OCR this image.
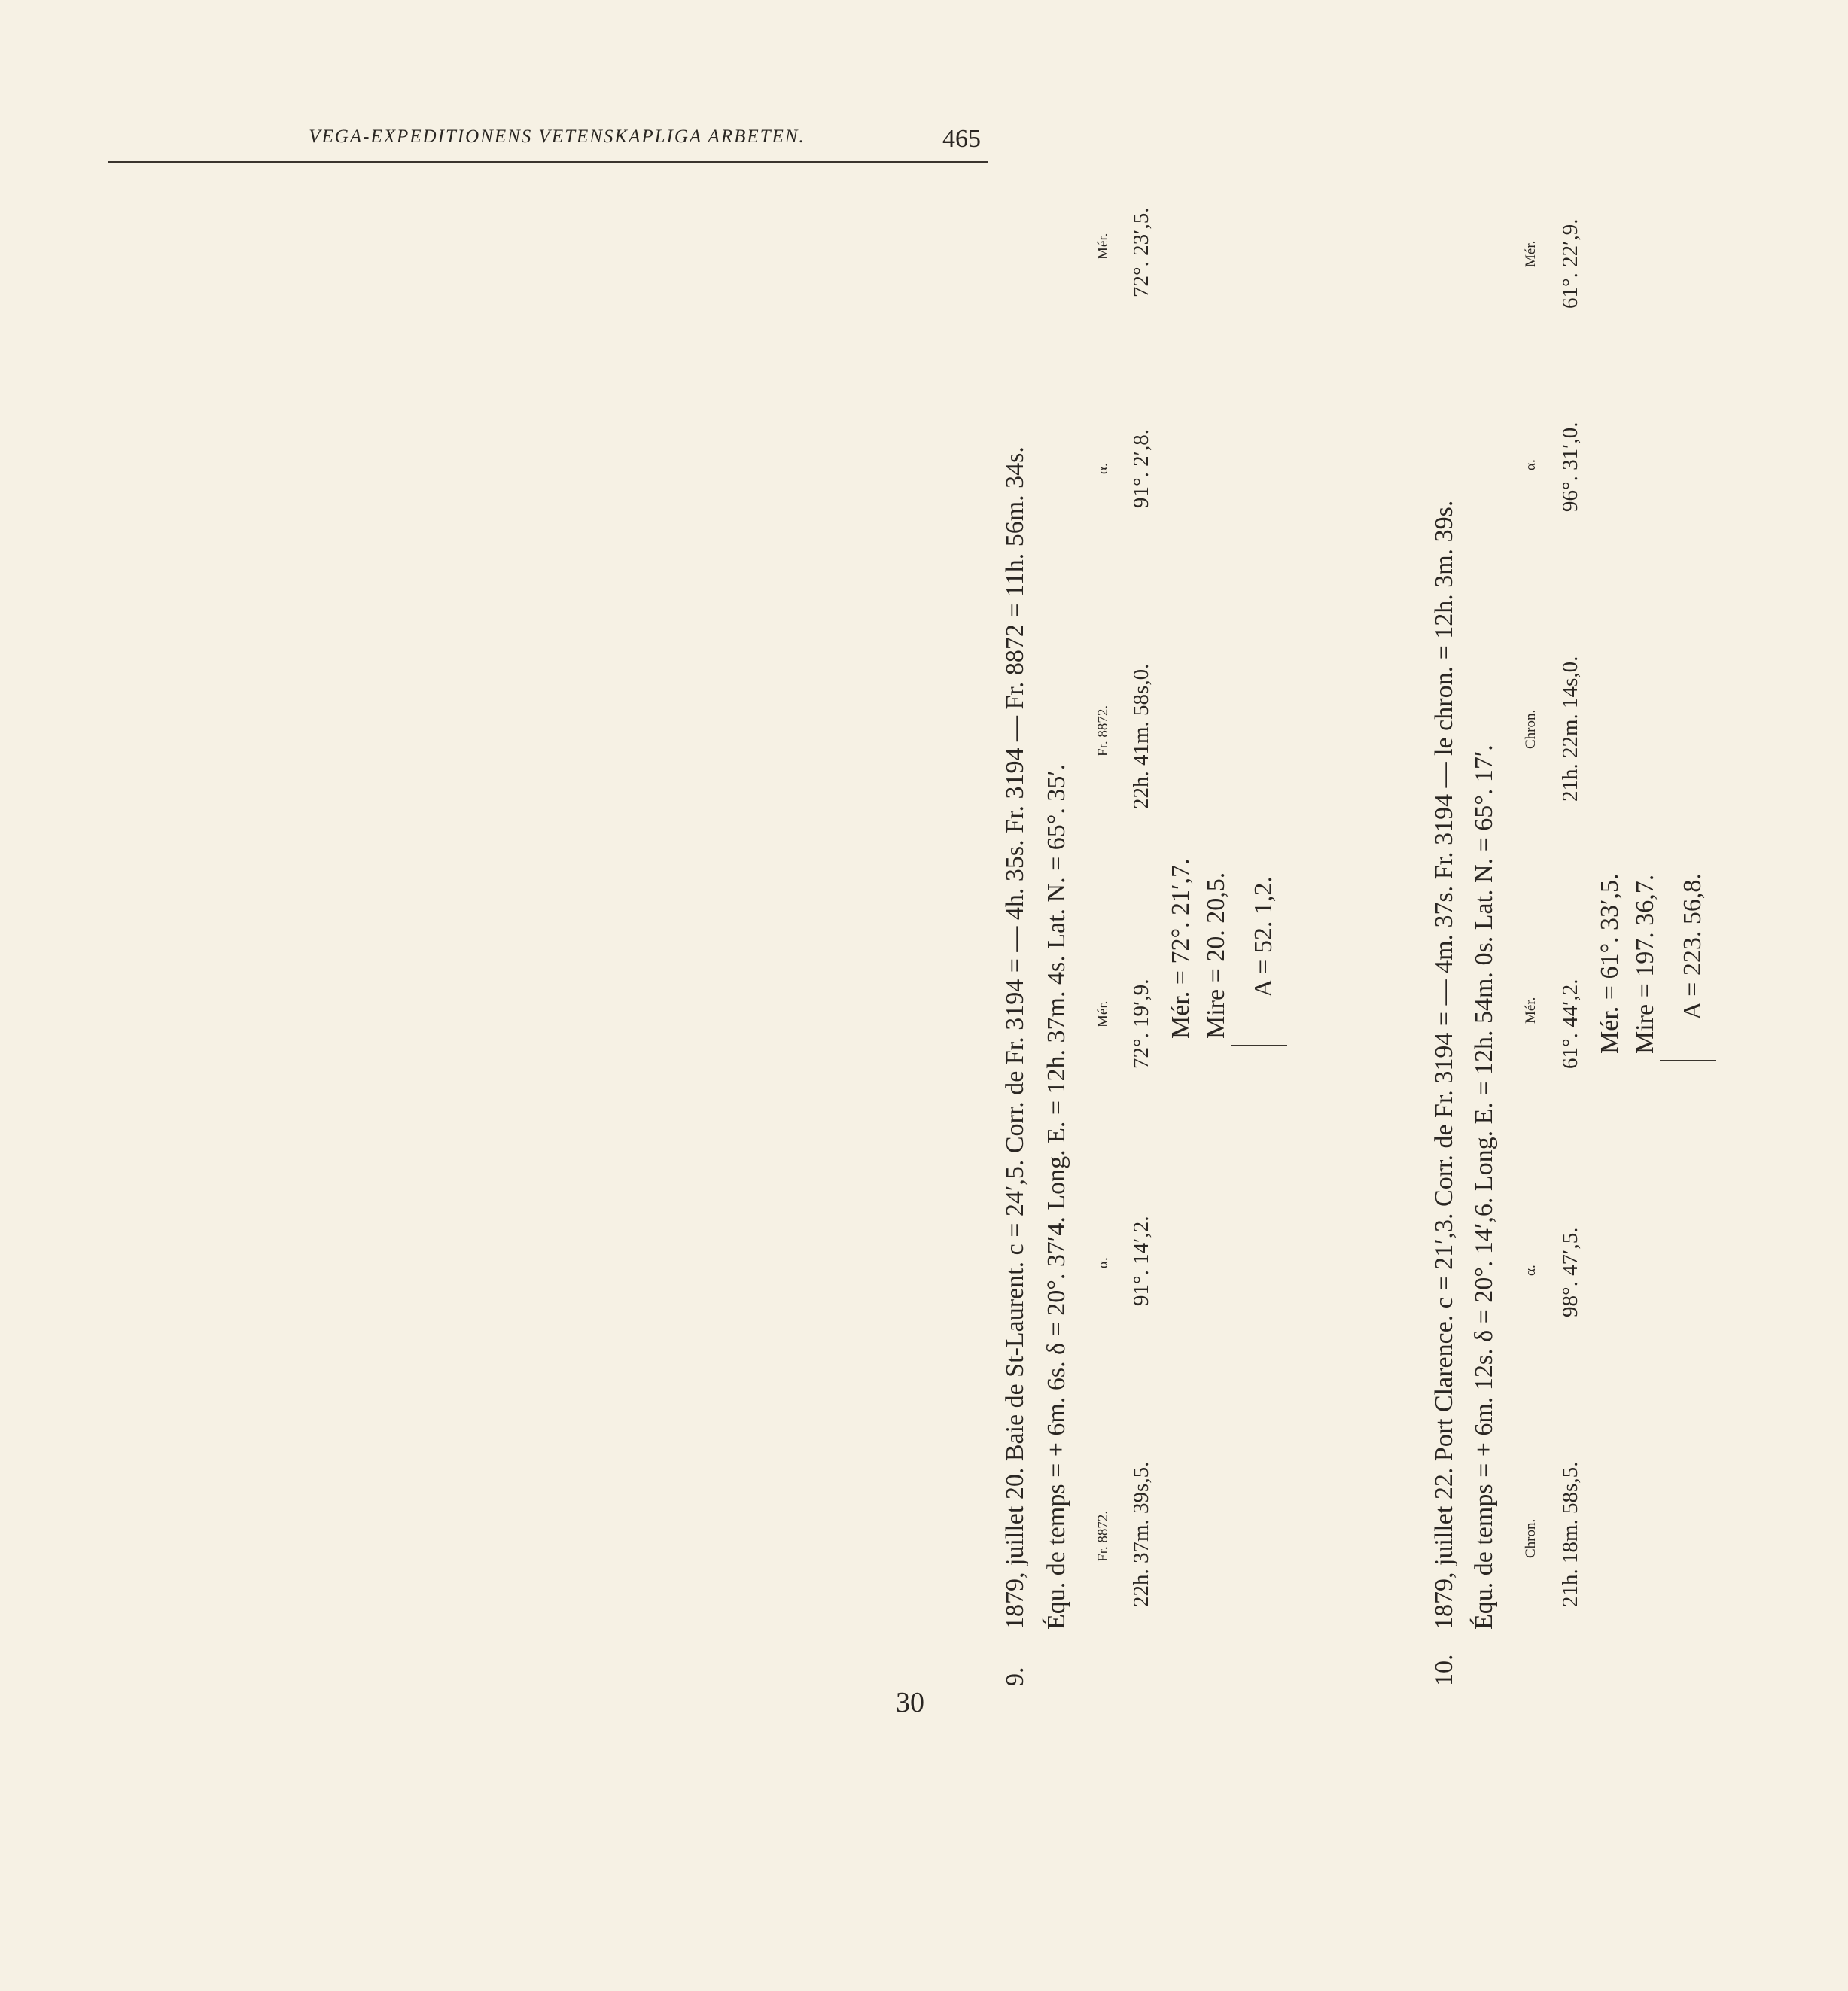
VEGA-EXPEDITIONENS VETENSKAPLIGA ARBETEN.	465
9.
1879, juillet 20. Baie de St-Laurent. c = 24′,5. Corr. de Fr. 3194 = — 4h. 35s. Fr. 3194 — Fr. 8872 = 11h. 56m. 34s. Équ. de temps = + 6m. 6s. δ = 20°. 37′4. Long. E. = 12h. 37m. 4s. Lat. N. = 65°. 35′. Fr. 8872. 22h. 37m. 39s,5.
α. 91°. 14′,2.
Mér. 72°. 19′,9.
Fr. 8872. 22h. 41m. 58s,0.
α. 91°. 2′,8.
Mér. 72°. 23′,5.
Mér. = 72°. 21′,7. Mire = 20. 20,5. A = 52. 1,2.
10.
1879, juillet 22. Port Clarence. c = 21′,3. Corr. de Fr. 3194 = — 4m. 37s. Fr. 3194 — le chron. = 12h. 3m. 39s. Équ. de temps = + 6m. 12s. δ = 20°. 14′,6. Long. E. = 12h. 54m. 0s. Lat. N. = 65°. 17′. Chron. 21h. 18m. 58s,5.
α. 98°. 47′,5.
Mér. 61°. 44′,2.
Chron. 21h. 22m. 14s,0.
α. 96°. 31′,0.
Mér. 61°. 22′,9.
Mér. = 61°. 33′,5. Mire = 197. 36,7. A = 223. 56,8.
30
